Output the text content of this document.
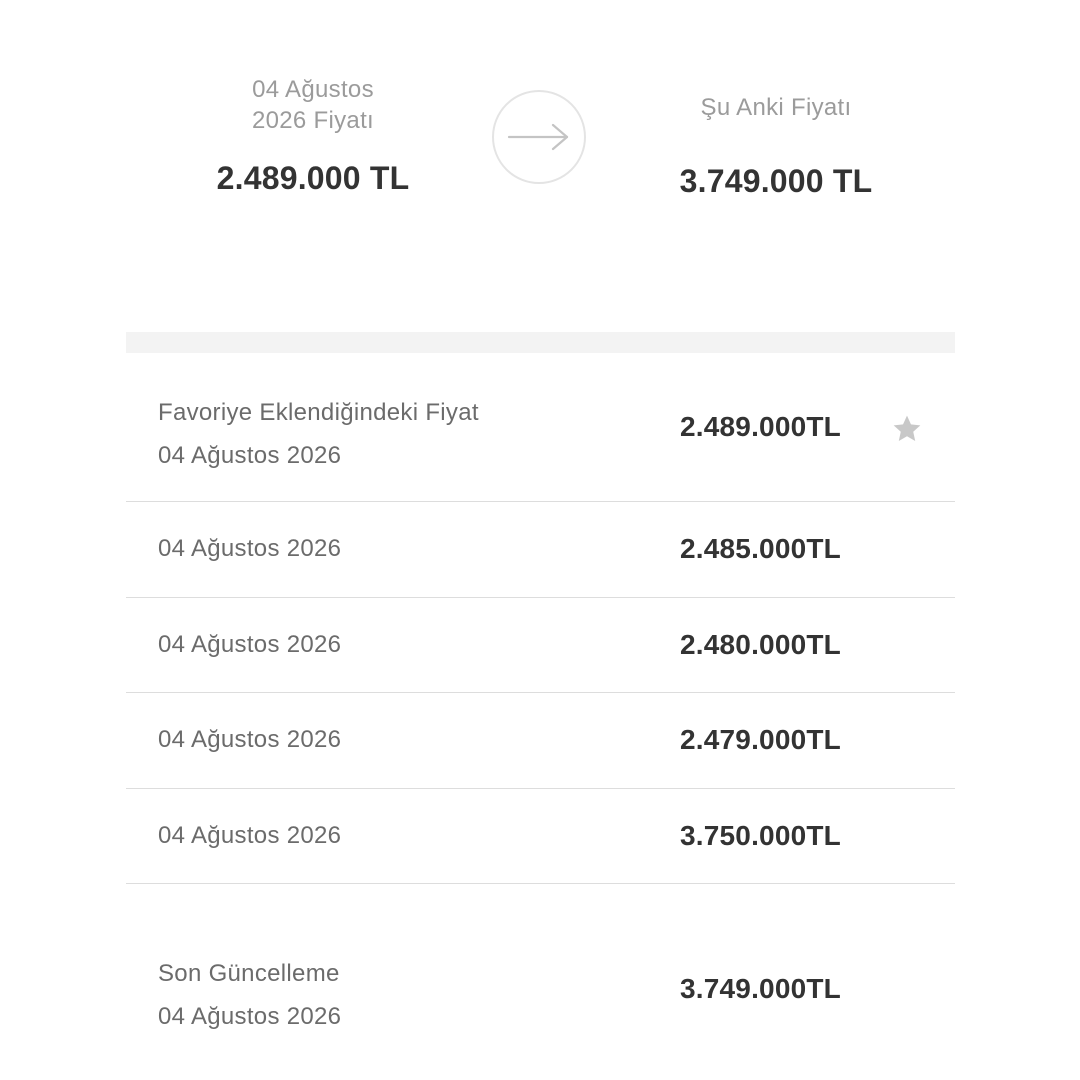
04 Ağustos
2026 Fiyatı
2.489.000 TL
Şu Anki Fiyatı
3.749.000 TL
Favoriye Eklendiğindeki Fiyat
04 Ağustos 2026
2.489.000TL
04 Ağustos 2026	2.485.000TL
04 Ağustos 2026	2.480.000TL
04 Ağustos 2026	2.479.000TL
04 Ağustos 2026	3.750.000TL
Son Güncelleme
04 Ağustos 2026
3.749.000TL
